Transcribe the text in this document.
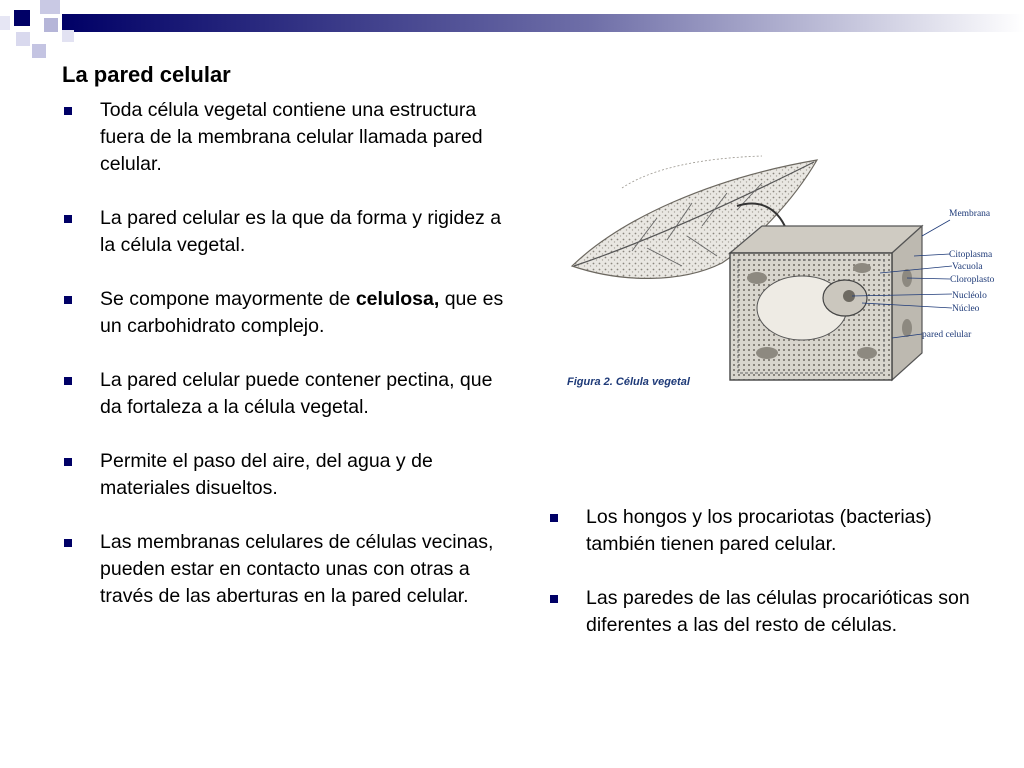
La pared celular
Toda célula vegetal contiene una estructura fuera de la membrana celular llamada pared celular.
La pared celular es la que da forma y rigidez a la célula vegetal.
Se compone mayormente de celulosa, que es un carbohidrato complejo.
La pared celular puede contener pectina, que da fortaleza a la célula vegetal.
Permite el paso del aire, del agua y de materiales disueltos.
Las membranas celulares de células vecinas, pueden estar en contacto unas con otras a través de las aberturas en la pared celular.
Membrana
Citoplasma
Vacuola
Cloroplasto
Nucléolo
Núcleo
pared celular
Figura 2. Célula vegetal
Los hongos y los procariotas (bacterias) también tienen pared celular.
Las paredes de las células procarióticas son diferentes a las del resto de células.
